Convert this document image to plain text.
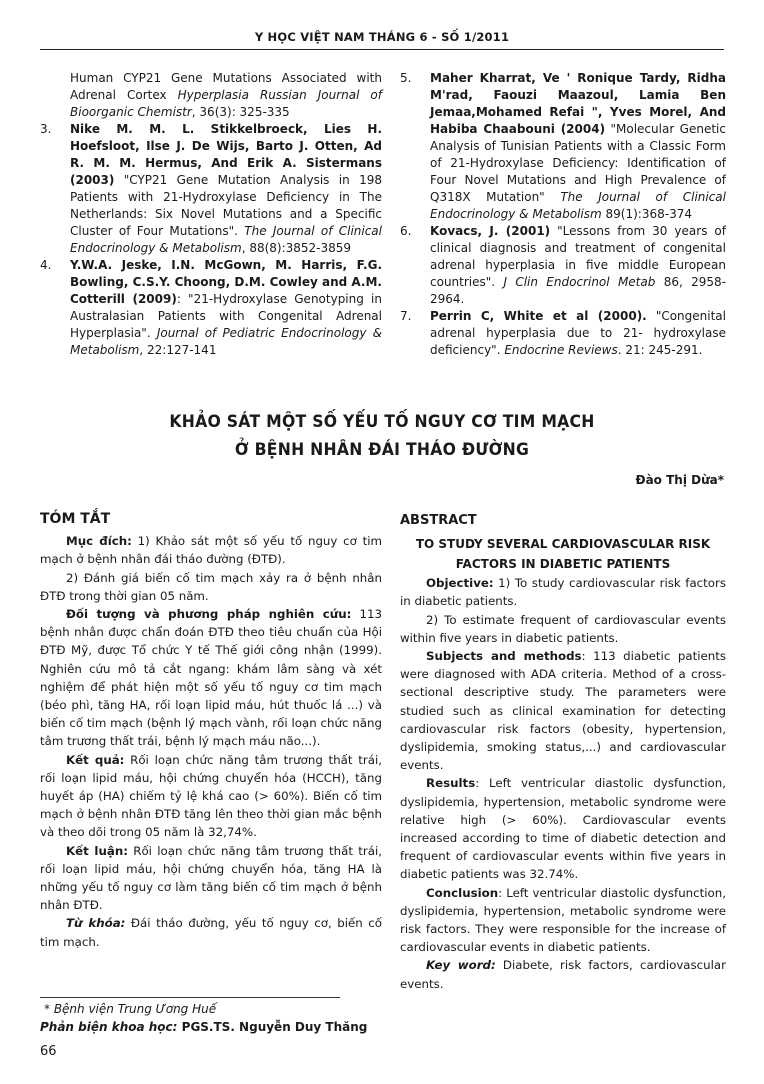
Y HỌC VIỆT NAM THÁNG 6 - SỐ 1/2011
Human CYP21 Gene Mutations Associated with Adrenal Cortex Hyperplasia Russian Journal of Bioorganic Chemistr, 36(3): 325-335
3. Nike M. M. L. Stikkelbroeck, Lies H. Hoefsloot, Ilse J. De Wijs, Barto J. Otten, Ad R. M. M. Hermus, And Erik A. Sistermans (2003) "CYP21 Gene Mutation Analysis in 198 Patients with 21-Hydroxylase Deficiency in The Netherlands: Six Novel Mutations and a Specific Cluster of Four Mutations". The Journal of Clinical Endocrinology & Metabolism, 88(8):3852-3859
4. Y.W.A. Jeske, I.N. McGown, M. Harris, F.G. Bowling, C.S.Y. Choong, D.M. Cowley and A.M. Cotterill (2009): "21-Hydroxylase Genotyping in Australasian Patients with Congenital Adrenal Hyperplasia". Journal of Pediatric Endocrinology & Metabolism, 22:127-141
5. Maher Kharrat, Ve ' Ronique Tardy, Ridha M'rad, Faouzi Maazoul, Lamia Ben Jemaa,Mohamed Refai ", Yves Morel, And Habiba Chaabouni (2004) "Molecular Genetic Analysis of Tunisian Patients with a Classic Form of 21-Hydroxylase Deficiency: Identification of Four Novel Mutations and High Prevalence of Q318X Mutation" The Journal of Clinical Endocrinology & Metabolism 89(1):368-374
6. Kovacs, J. (2001) "Lessons from 30 years of clinical diagnosis and treatment of congenital adrenal hyperplasia in five middle European countries". J Clin Endocrinol Metab 86, 2958-2964.
7. Perrin C, White et al (2000). "Congenital adrenal hyperplasia due to 21- hydroxylase deficiency". Endocrine Reviews. 21: 245-291.
KHẢO SÁT MỘT SỐ YẾU TỐ NGUY CƠ TIM MẠCH
Ở BỆNH NHÂN ĐÁI THÁO ĐƯỜNG
Đào Thị Dừa*

TÓM TẮT

Mục đích: 1) Khảo sát một số yếu tố nguy cơ tim mạch ở bệnh nhân đái tháo đường (ĐTĐ).

2) Đánh giá biến cố tim mạch xảy ra ở bệnh nhân ĐTĐ trong thời gian 05 năm.

Đối tượng và phương pháp nghiên cứu: 113 bệnh nhân được chẩn đoán ĐTĐ theo tiêu chuẩn của Hội ĐTĐ Mỹ, được Tổ chức Y tế Thế giới công nhận (1999). Nghiên cứu mô tả cắt ngang: khám lâm sàng và xét nghiệm để phát hiện một số yếu tố nguy cơ tim mạch (béo phì, tăng HA, rối loạn lipid máu, hút thuốc lá ...) và biến cố tim mạch (bệnh lý mạch vành, rối loạn chức năng tâm trương thất trái, bệnh lý mạch máu não...).

Kết quả: Rối loạn chức năng tâm trương thất trái, rối loạn lipid máu, hội chứng chuyển hóa (HCCH), tăng huyết áp (HA) chiếm tỷ lệ khá cao (> 60%). Biến cố tim mạch ở bệnh nhân ĐTĐ tăng lên theo thời gian mắc bệnh và theo dõi trong 05 năm là 32,74%.

Kết luận: Rối loạn chức năng tâm trương thất trái, rối loạn lipid máu, hội chứng chuyển hóa, tăng HA là những yếu tố nguy cơ làm tăng biến cố tim mạch ở bệnh nhân ĐTĐ.

Từ khóa: Đái tháo đường, yếu tố nguy cơ, biến cố tim mạch.

ABSTRACT

TO STUDY SEVERAL CARDIOVASCULAR RISK

FACTORS IN DIABETIC PATIENTS

Objective: 1) To study cardiovascular risk factors in diabetic patients.

2) To estimate frequent of cardiovascular events within five years in diabetic patients.

Subjects and methods: 113 diabetic patients were diagnosed with ADA criteria. Method of a cross-sectional descriptive study. The parameters were studied such as clinical examination for detecting cardiovascular risk factors (obesity, hypertension, dyslipidemia, smoking status,...) and cardiovascular events.

Results: Left ventricular diastolic dysfunction, dyslipidemia, hypertension, metabolic syndrome were relative high (> 60%). Cardiovascular events increased according to time of diabetic detection and frequent of cardiovascular events within five years in diabetic patients was 32.74%.

Conclusion: Left ventricular diastolic dysfunction, dyslipidemia, hypertension, metabolic syndrome were risk factors. They were responsible for the increase of cardiovascular events in diabetic patients.

Key word: Diabete, risk factors, cardiovascular events.

* Bệnh viện Trung Ương Huế
Phản biện khoa học: PGS.TS. Nguyễn Duy Thăng
66
